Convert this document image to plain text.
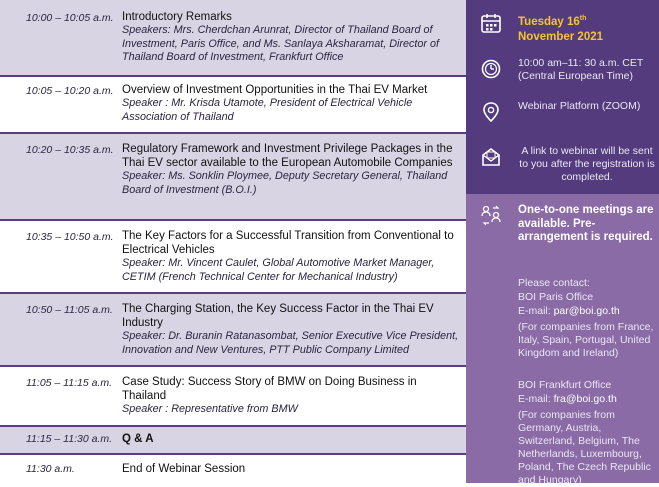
10:00 – 10:05 a.m. Introductory Remarks
Speakers: Mrs. Cherdchan Arunrat, Director of Thailand Board of Investment, Paris Office, and Ms. Sanlaya Aksharamat, Director of Thailand Board of Investment, Frankfurt Office
10:05 – 10:20 a.m. Overview of Investment Opportunities in the Thai EV Market
Speaker : Mr. Krisda Utamote, President of Electrical Vehicle Association of Thailand
10:20 – 10:35 a.m. Regulatory Framework and Investment Privilege Packages in the Thai EV sector available to the European Automobile Companies
Speaker: Ms. Sonklin Ploymee, Deputy Secretary General, Thailand Board of Investment (B.O.I.)
10:35 – 10:50 a.m. The Key Factors for a Successful Transition from Conventional to Electrical Vehicles
Speaker: Mr. Vincent Caulet, Global Automotive Market Manager, CETIM (French Technical Center for Mechanical Industry)
10:50 – 11:05 a.m. The Charging Station, the Key Success Factor in the Thai EV Industry
Speaker: Dr. Buranin Ratanasombat, Senior Executive Vice President, Innovation and New Ventures, PTT Public Company Limited
11:05 – 11:15 a.m. Case Study: Success Story of BMW on Doing Business in Thailand
Speaker : Representative from BMW
11:15 – 11:30 a.m. Q & A
11:30 a.m.	End of Webinar Session
Tuesday 16th
November 2021
10:00 am–11: 30 a.m. CET (Central European Time)
Webinar Platform (ZOOM)
A link to webinar will be sent to you after the registration is completed.
One-to-one meetings are available. Pre-arrangement is required.
Please contact:
BOI Paris Office
E-mail: par@boi.go.th
(For companies from France, Italy, Spain, Portugal, United Kingdom and Ireland)
BOI Frankfurt Office
E-mail: fra@boi.go.th
(For companies from Germany, Austria, Switzerland, Belgium, The Netherlands, Luxembourg, Poland, The Czech Republic and Hungary)
